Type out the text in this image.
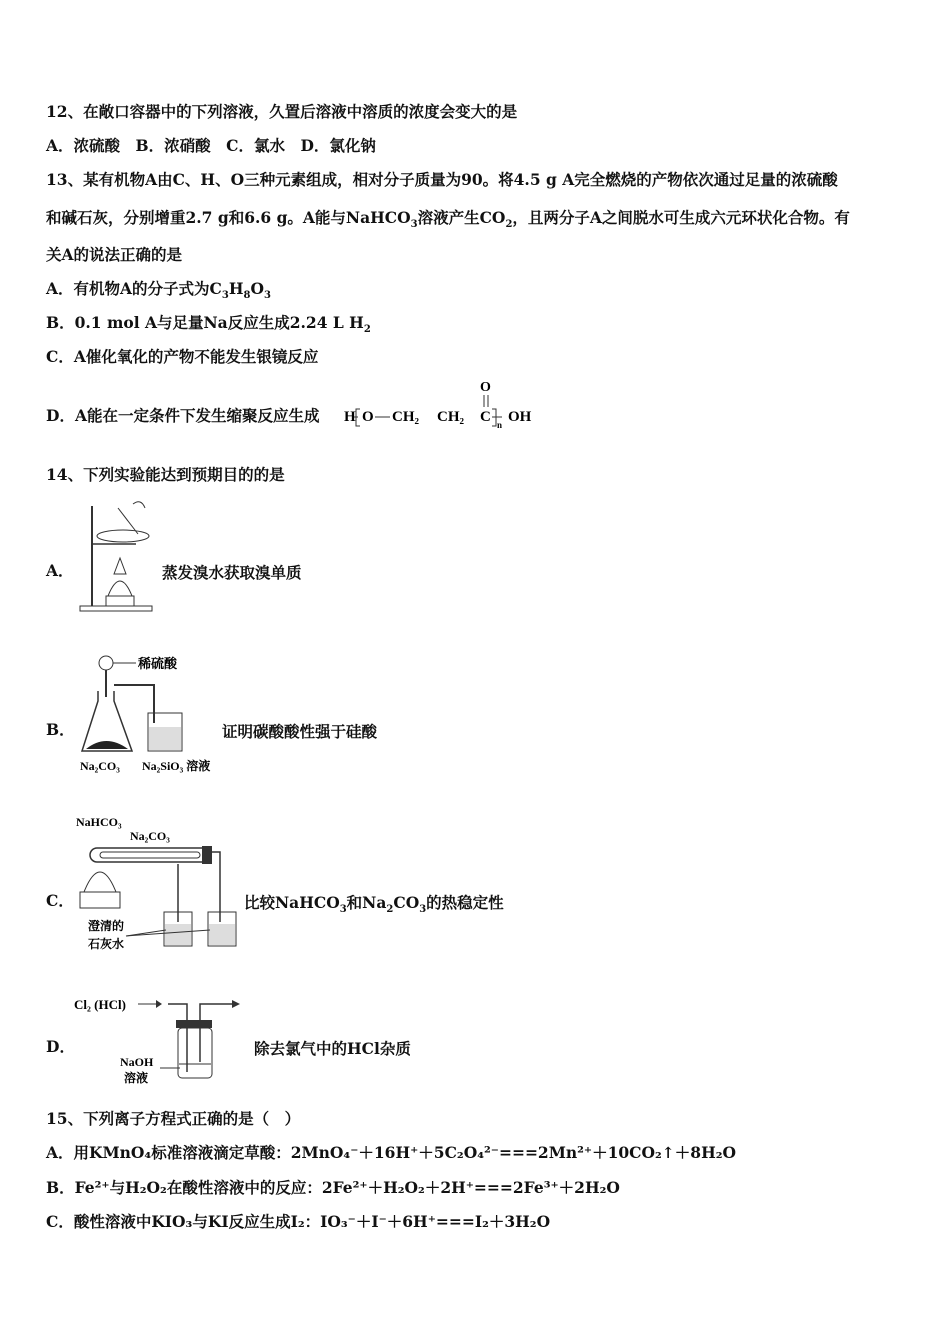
12、在敞口容器中的下列溶液，久置后溶液中溶质的浓度会变大的是
A．浓硫酸　B．浓硝酸　C．氯水　D．氯化钠
13、某有机物A由C、H、O三种元素组成，相对分子质量为90。将4.5 g A完全燃烧的产物依次通过足量的浓硫酸
和碱石灰，分别增重2.7 g和6.6 g。A能与NaHCO$_3$溶液产生$CO_2$，且两分子A之间脱水可生成六元环状化合物。有
关A的说法正确的是
A．有机物A的分子式为$C_3H_8O_3$
B．0.1 mol A与足量Na反应生成2.24 L $H_2$
C．A催化氧化的产物不能发生银镜反应
D．A能在一定条件下发生缩聚反应生成
O
H O CH₂ CH₂ C n OH
14、下列实验能达到预期目的的是
A．	蒸发溴水获取溴单质
B．
稀硫酸
Na₂CO₃ Na₂SiO₃ 溶液
证明碳酸酸性强于硅酸
C．
NaHCO₃
Na₂CO₃
澄清的
石灰水
比较NaHCO$_3$和$Na_2CO_3$的热稳定性
D．
Cl₂ (HCl)
NaOH
溶液
除去氯气中的HCl杂质
15、下列离子方程式正确的是（　）
A．用KMnO₄标准溶液滴定草酸：2MnO₄⁻＋16H⁺＋5C₂O₄²⁻===2Mn²⁺＋10CO₂↑＋8H₂O
B．Fe²⁺与H₂O₂在酸性溶液中的反应：2Fe²⁺＋H₂O₂＋2H⁺===2Fe³⁺＋2H₂O
C．酸性溶液中KIO₃与KI反应生成I₂：IO₃⁻＋I⁻＋6H⁺===I₂＋3H₂O
